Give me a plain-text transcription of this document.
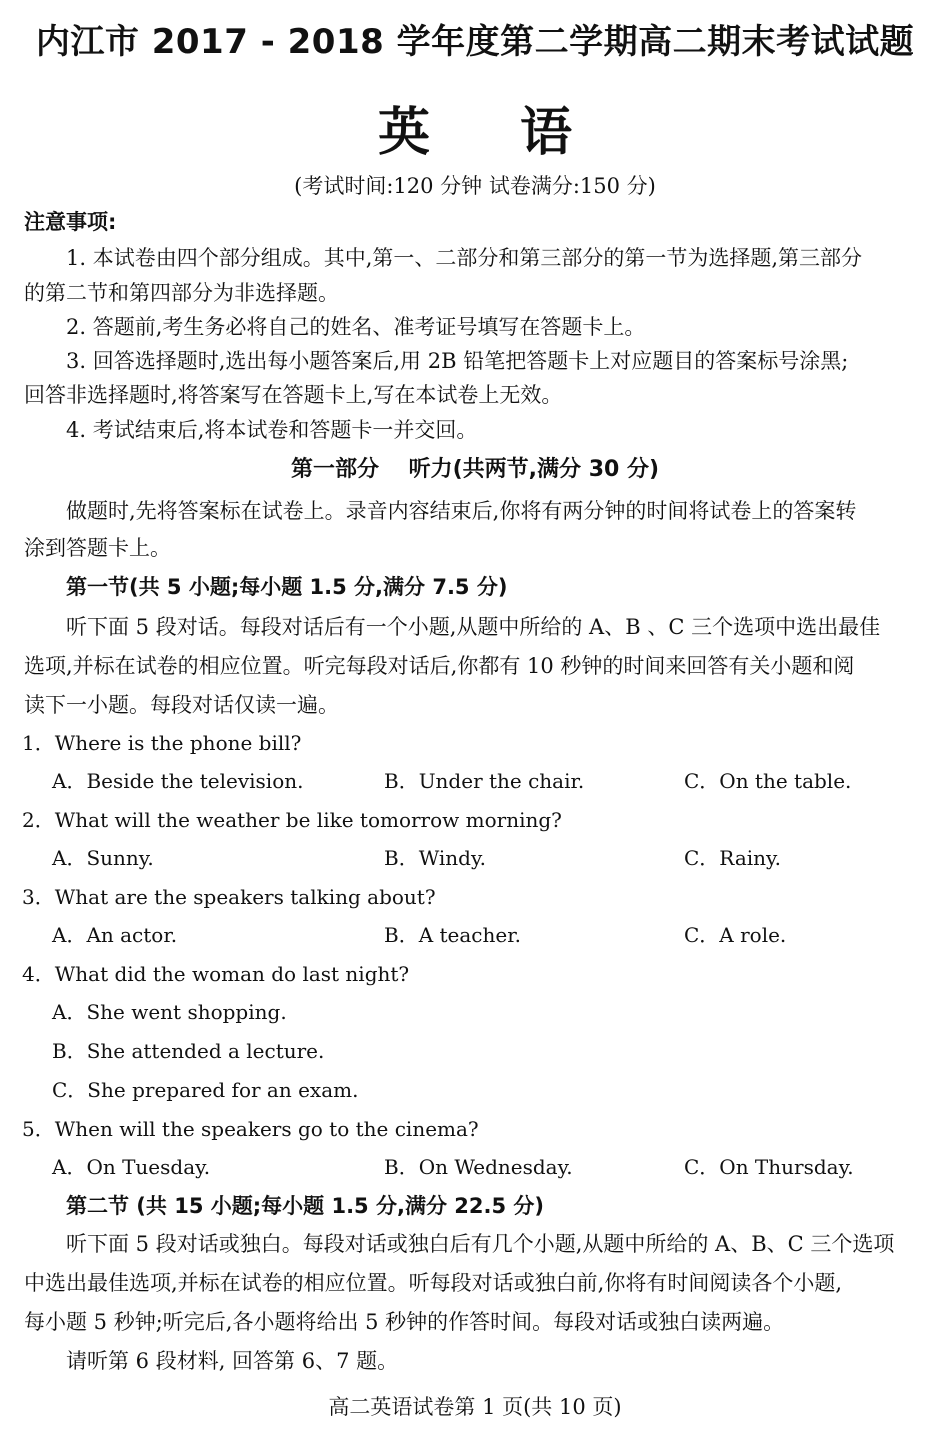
内江市 2017 - 2018 学年度第二学期高二期末考试试题
英 语
(考试时间:120 分钟 试卷满分:150 分)
注意事项:
1. 本试卷由四个部分组成。其中,第一、二部分和第三部分的第一节为选择题,第三部分
的第二节和第四部分为非选择题。
2. 答题前,考生务必将自己的姓名、准考证号填写在答题卡上。
3. 回答选择题时,选出每小题答案后,用 2B 铅笔把答题卡上对应题目的答案标号涂黑;
回答非选择题时,将答案写在答题卡上,写在本试卷上无效。
4. 考试结束后,将本试卷和答题卡一并交回。
第一部分　 听力(共两节,满分 30 分)
做题时,先将答案标在试卷上。录音内容结束后,你将有两分钟的时间将试卷上的答案转
涂到答题卡上。
第一节(共 5 小题;每小题 1.5 分,满分 7.5 分)
听下面 5 段对话。每段对话后有一个小题,从题中所给的 A、B 、C 三个选项中选出最佳
选项,并标在试卷的相应位置。听完每段对话后,你都有 10 秒钟的时间来回答有关小题和阅
读下一小题。每段对话仅读一遍。
1．Where is the phone bill?
A．Beside the television.	B．Under the chair.	C．On the table.
2．What will the weather be like tomorrow morning?
A．Sunny.	B．Windy.	C．Rainy.
3．What are the speakers talking about?
A．An actor.	B．A teacher.	C．A role.
4．What did the woman do last night?
A．She went shopping.
B．She attended a lecture.
C．She prepared for an exam.
5．When will the speakers go to the cinema?
A．On Tuesday.	B．On Wednesday.	C．On Thursday.
第二节 (共 15 小题;每小题 1.5 分,满分 22.5 分)
听下面 5 段对话或独白。每段对话或独白后有几个小题,从题中所给的 A、B、C 三个选项
中选出最佳选项,并标在试卷的相应位置。听每段对话或独白前,你将有时间阅读各个小题,
每小题 5 秒钟;听完后,各小题将给出 5 秒钟的作答时间。每段对话或独白读两遍。
请听第 6 段材料, 回答第 6、7 题。
高二英语试卷第 1 页(共 10 页)
